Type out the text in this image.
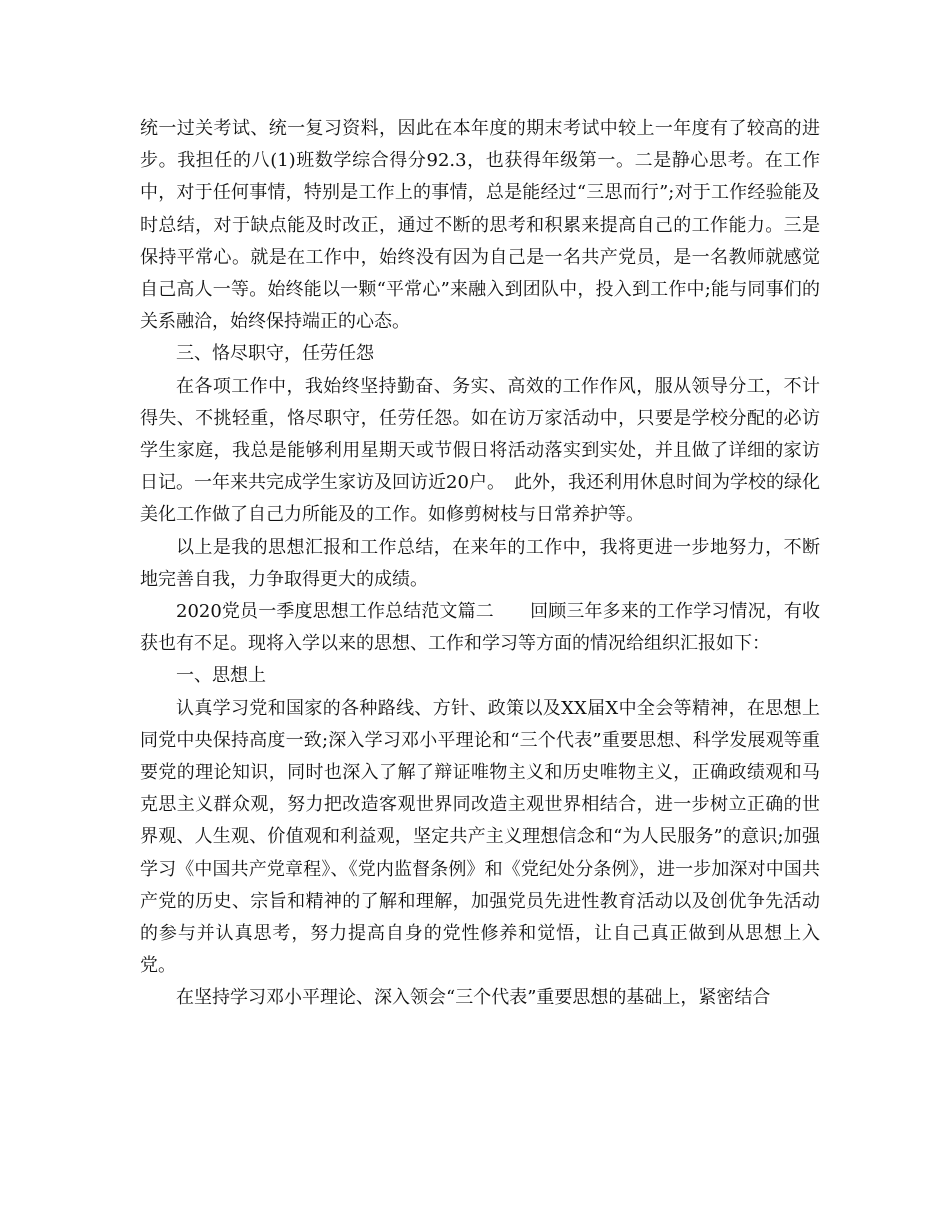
统一过关考试、统一复习资料，因此在本年度的期末考试中较上一年度有了较高的进步。我担任的八(1)班数学综合得分92.3，也获得年级第一。二是静心思考。在工作中，对于任何事情，特别是工作上的事情，总是能经过“三思而行”;对于工作经验能及时总结，对于缺点能及时改正，通过不断的思考和积累来提高自己的工作能力。三是保持平常心。就是在工作中，始终没有因为自己是一名共产党员，是一名教师就感觉自己高人一等。始终能以一颗“平常心”来融入到团队中，投入到工作中;能与同事们的关系融洽，始终保持端正的心态。

三、恪尽职守，任劳任怨

在各项工作中，我始终坚持勤奋、务实、高效的工作作风，服从领导分工，不计得失、不挑轻重，恪尽职守，任劳任怨。如在访万家活动中，只要是学校分配的必访学生家庭，我总是能够利用星期天或节假日将活动落实到实处，并且做了详细的家访日记。一年来共完成学生家访及回访近20户。　此外，我还利用休息时间为学校的绿化美化工作做了自己力所能及的工作。如修剪树枝与日常养护等。

以上是我的思想汇报和工作总结，在来年的工作中，我将更进一步地努力，不断地完善自我，力争取得更大的成绩。

2020党员一季度思想工作总结范文篇二　　回顾三年多来的工作学习情况，有收获也有不足。现将入学以来的思想、工作和学习等方面的情况给组织汇报如下：

一、思想上

认真学习党和国家的各种路线、方针、政策以及XX届X中全会等精神，在思想上同党中央保持高度一致;深入学习邓小平理论和“三个代表”重要思想、科学发展观等重要党的理论知识，同时也深入了解了辩证唯物主义和历史唯物主义，正确政绩观和马克思主义群众观，努力把改造客观世界同改造主观世界相结合，进一步树立正确的世界观、人生观、价值观和利益观，坚定共产主义理想信念和“为人民服务”的意识;加强学习《中国共产党章程》、《党内监督条例》和《党纪处分条例》，进一步加深对中国共产党的历史、宗旨和精神的了解和理解，加强党员先进性教育活动以及创优争先活动的参与并认真思考，努力提高自身的党性修养和觉悟，让自己真正做到从思想上入党。

在坚持学习邓小平理论、深入领会“三个代表”重要思想的基础上，紧密结合
